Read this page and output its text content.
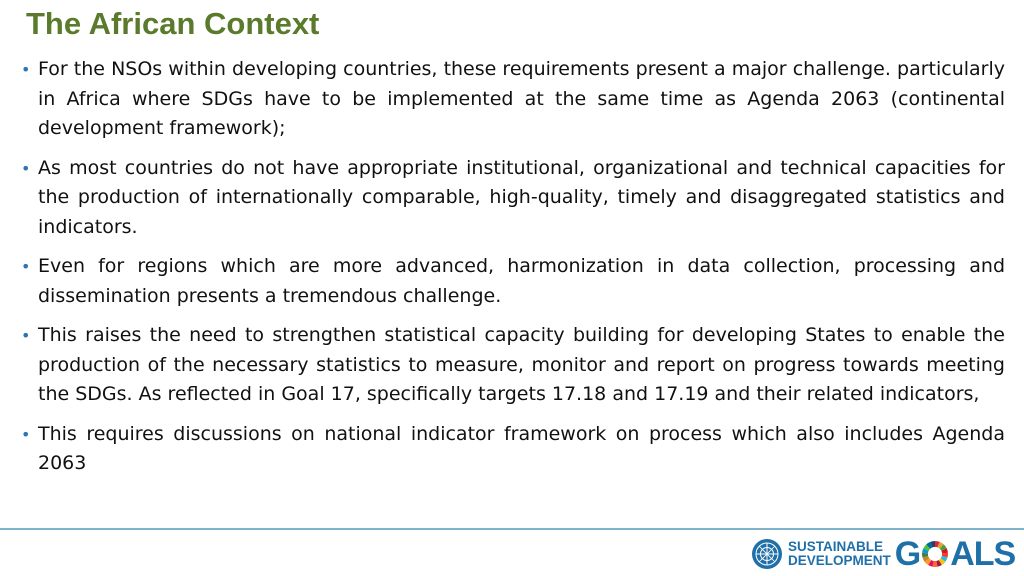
The African Context
• For the NSOs within developing countries, these requirements present a major challenge. particularly in Africa where SDGs have to be implemented at the same time as Agenda 2063 (continental development framework);
• As most countries do not have appropriate institutional, organizational and technical capacities for the production of internationally comparable, high-quality, timely and disaggregated statistics and indicators.
• Even for regions which are more advanced, harmonization in data collection, processing and dissemination presents a tremendous challenge.
• This raises the need to strengthen statistical capacity building for developing States to enable the production of the necessary statistics to measure, monitor and report on progress towards meeting the SDGs. As reflected in Goal 17, specifically targets 17.18 and 17.19 and their related indicators,
• This requires discussions on national indicator framework on process which also includes Agenda 2063
SUSTAINABLE
DEVELOPMENT G ALS
